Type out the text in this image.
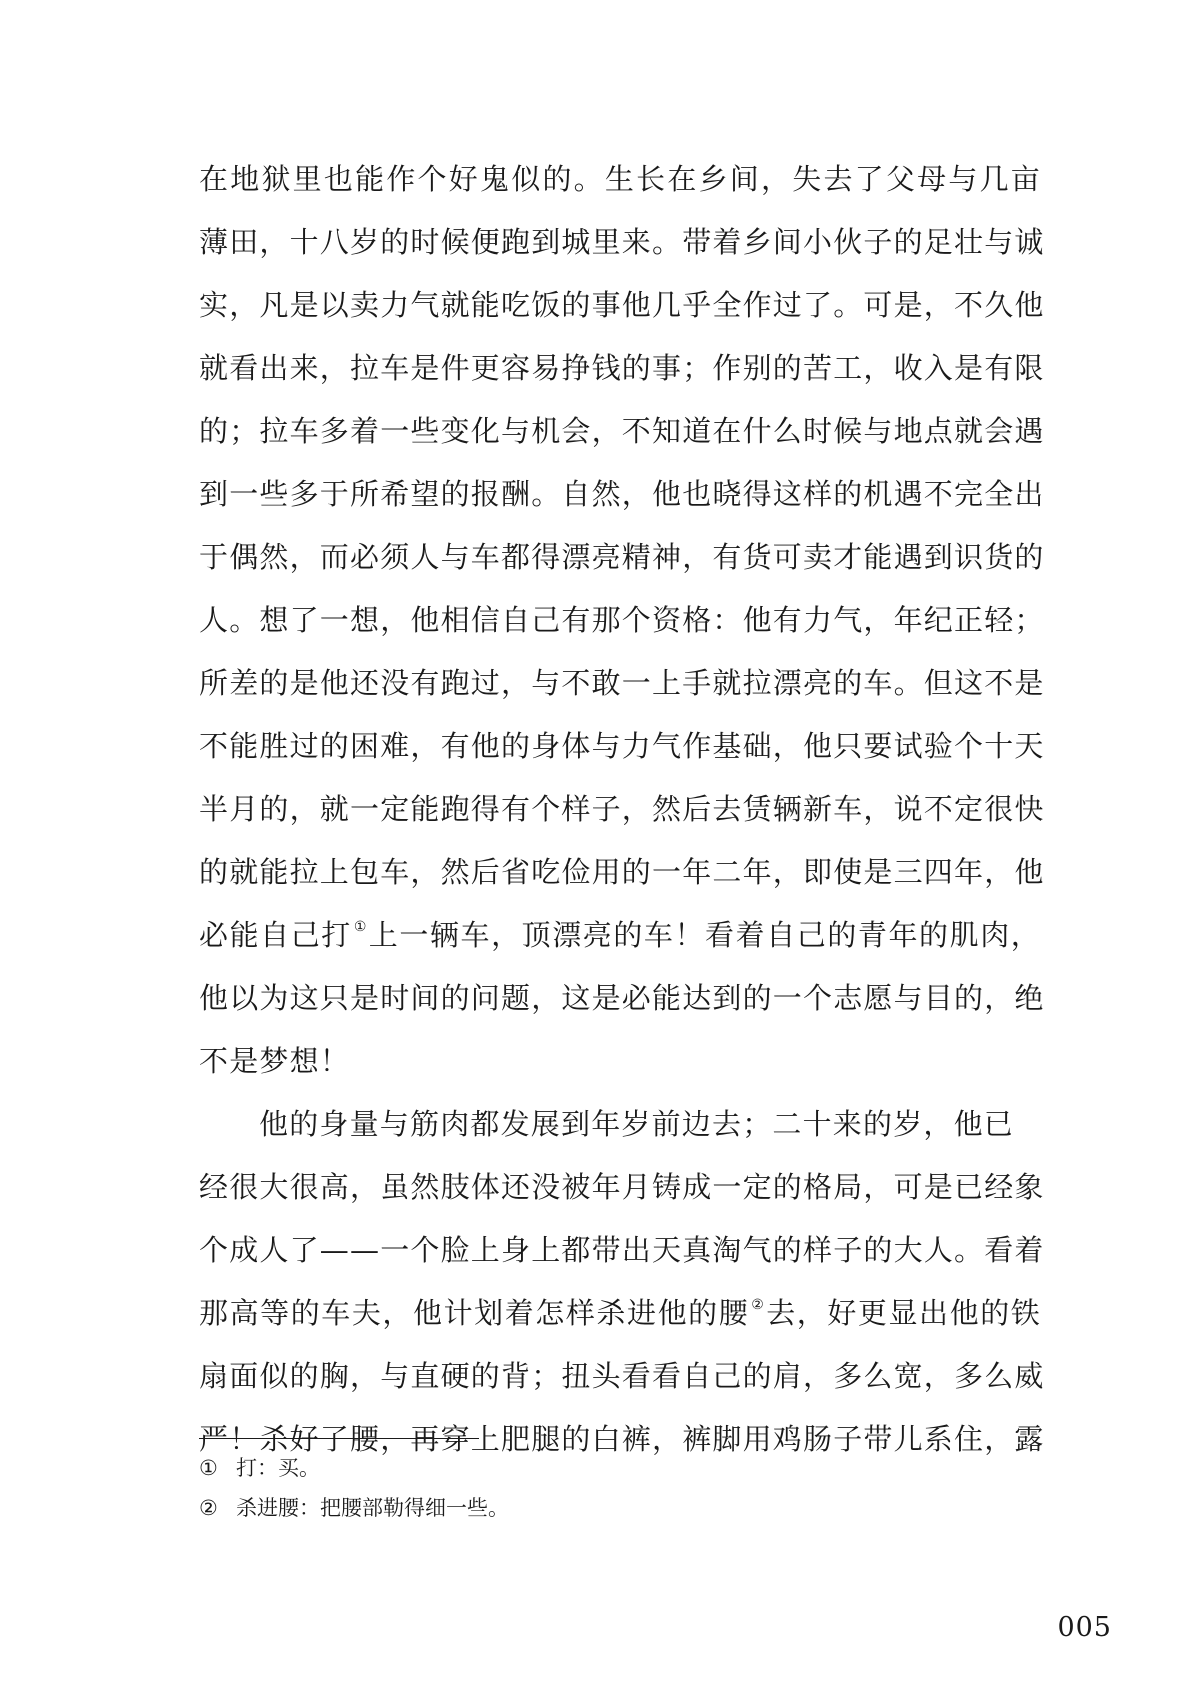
在地狱里也能作个好鬼似的。生长在乡间，失去了父母与几亩
薄田，十八岁的时候便跑到城里来。带着乡间小伙子的足壮与诚
实，凡是以卖力气就能吃饭的事他几乎全作过了。可是，不久他
就看出来，拉车是件更容易挣钱的事；作别的苦工，收入是有限
的；拉车多着一些变化与机会，不知道在什么时候与地点就会遇
到一些多于所希望的报酬。自然，他也晓得这样的机遇不完全出
于偶然，而必须人与车都得漂亮精神，有货可卖才能遇到识货的
人。想了一想，他相信自己有那个资格：他有力气，年纪正轻；
所差的是他还没有跑过，与不敢一上手就拉漂亮的车。但这不是
不能胜过的困难，有他的身体与力气作基础，他只要试验个十天
半月的，就一定能跑得有个样子，然后去赁辆新车，说不定很快
的就能拉上包车，然后省吃俭用的一年二年，即使是三四年，他
必能自己打 ①上一辆车，顶漂亮的车！看着自己的青年的肌肉，
他以为这只是时间的问题，这是必能达到的一个志愿与目的，绝
不是梦想！
他的身量与筋肉都发展到年岁前边去；二十来的岁，他已
经很大很高，虽然肢体还没被年月铸成一定的格局，可是已经象
个成人了——一个脸上身上都带出天真淘气的样子的大人。看着
那高等的车夫，他计划着怎样杀进他的腰 ②去，好更显出他的铁
扇面似的胸，与直硬的背；扭头看看自己的肩，多么宽，多么威
严！杀好了腰，再穿上肥腿的白裤，裤脚用鸡肠子带儿系住，露
① 打：买。
② 杀进腰：把腰部勒得细一些。
005
